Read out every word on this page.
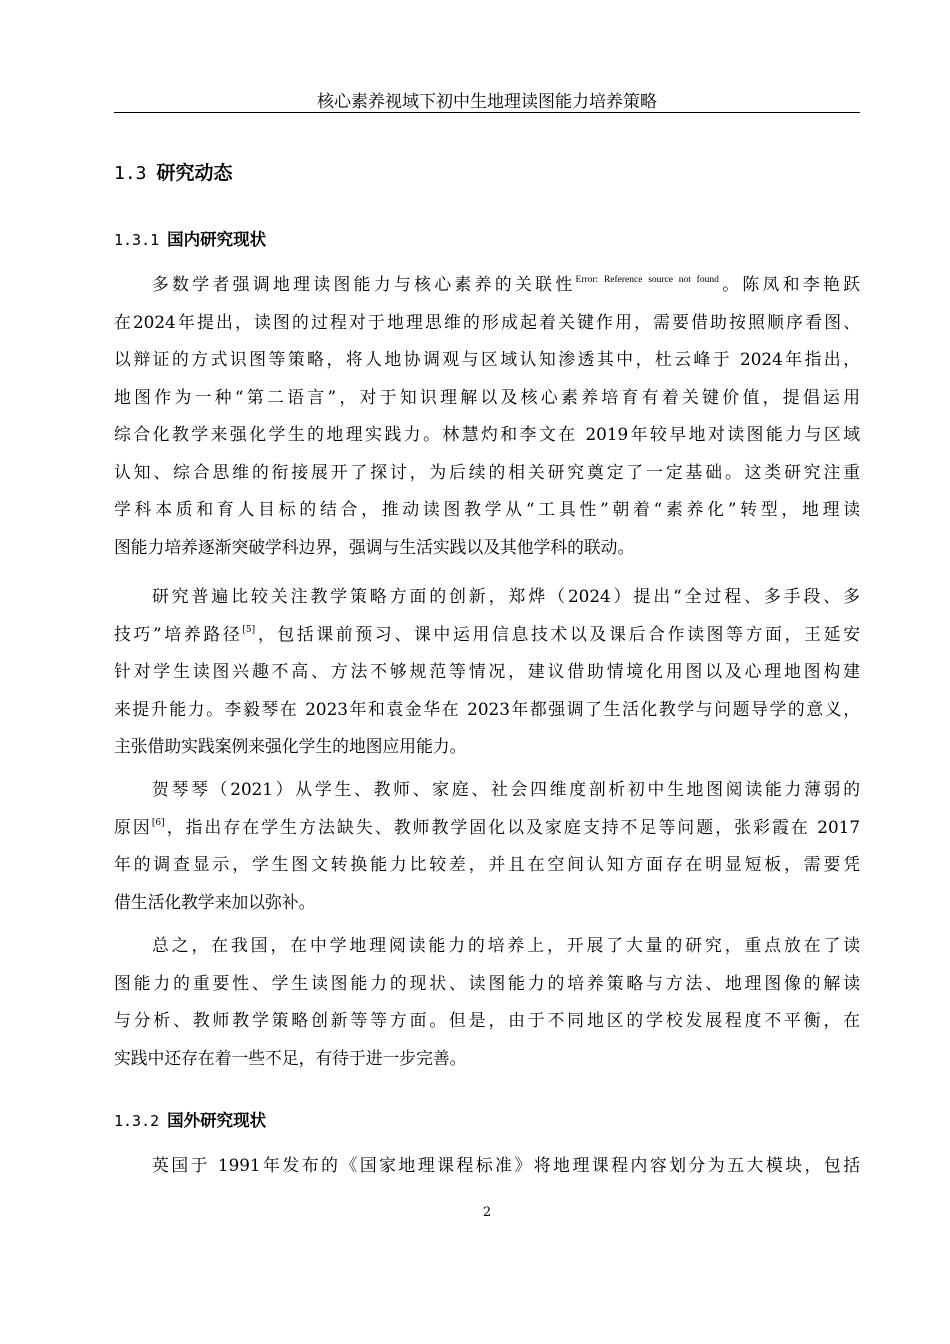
核心素养视域下初中生地理读图能力培养策略
1.3 研究动态
1.3.1 国内研究现状
多数学者强调地理读图能力与核心素养的关联性$^{Error: Reference source not found}$。陈凤和李艳跃
在2024年提出，读图的过程对于地理思维的形成起着关键作用，需要借助按照顺序看图、
以辩证的方式识图等策略，将人地协调观与区域认知渗透其中，杜云峰于 2024年指出，
地图作为一种“第二语言”，对于知识理解以及核心素养培育有着关键价值，提倡运用
综合化教学来强化学生的地理实践力。林慧灼和李文在 2019年较早地对读图能力与区域
认知、综合思维的衔接展开了探讨，为后续的相关研究奠定了一定基础。这类研究注重
学科本质和育人目标的结合，推动读图教学从“工具性”朝着“素养化”转型，地理读
图能力培养逐渐突破学科边界，强调与生活实践以及其他学科的联动。
研究普遍比较关注教学策略方面的创新，郑烨（2024）提出“全过程、多手段、多
技巧”培养路径[5]，包括课前预习、课中运用信息技术以及课后合作读图等方面，王延安
针对学生读图兴趣不高、方法不够规范等情况，建议借助情境化用图以及心理地图构建
来提升能力。李毅琴在 2023年和袁金华在 2023年都强调了生活化教学与问题导学的意义，
主张借助实践案例来强化学生的地图应用能力。
贺琴琴（2021）从学生、教师、家庭、社会四维度剖析初中生地图阅读能力薄弱的
原因[6]，指出存在学生方法缺失、教师教学固化以及家庭支持不足等问题，张彩霞在 2017
年的调查显示，学生图文转换能力比较差，并且在空间认知方面存在明显短板，需要凭
借生活化教学来加以弥补。
总之，在我国，在中学地理阅读能力的培养上，开展了大量的研究，重点放在了读
图能力的重要性、学生读图能力的现状、读图能力的培养策略与方法、地理图像的解读
与分析、教师教学策略创新等等方面。但是，由于不同地区的学校发展程度不平衡，在
实践中还存在着一些不足，有待于进一步完善。
1.3.2 国外研究现状
英国于 1991年发布的《国家地理课程标准》将地理课程内容划分为五大模块，包括
2
